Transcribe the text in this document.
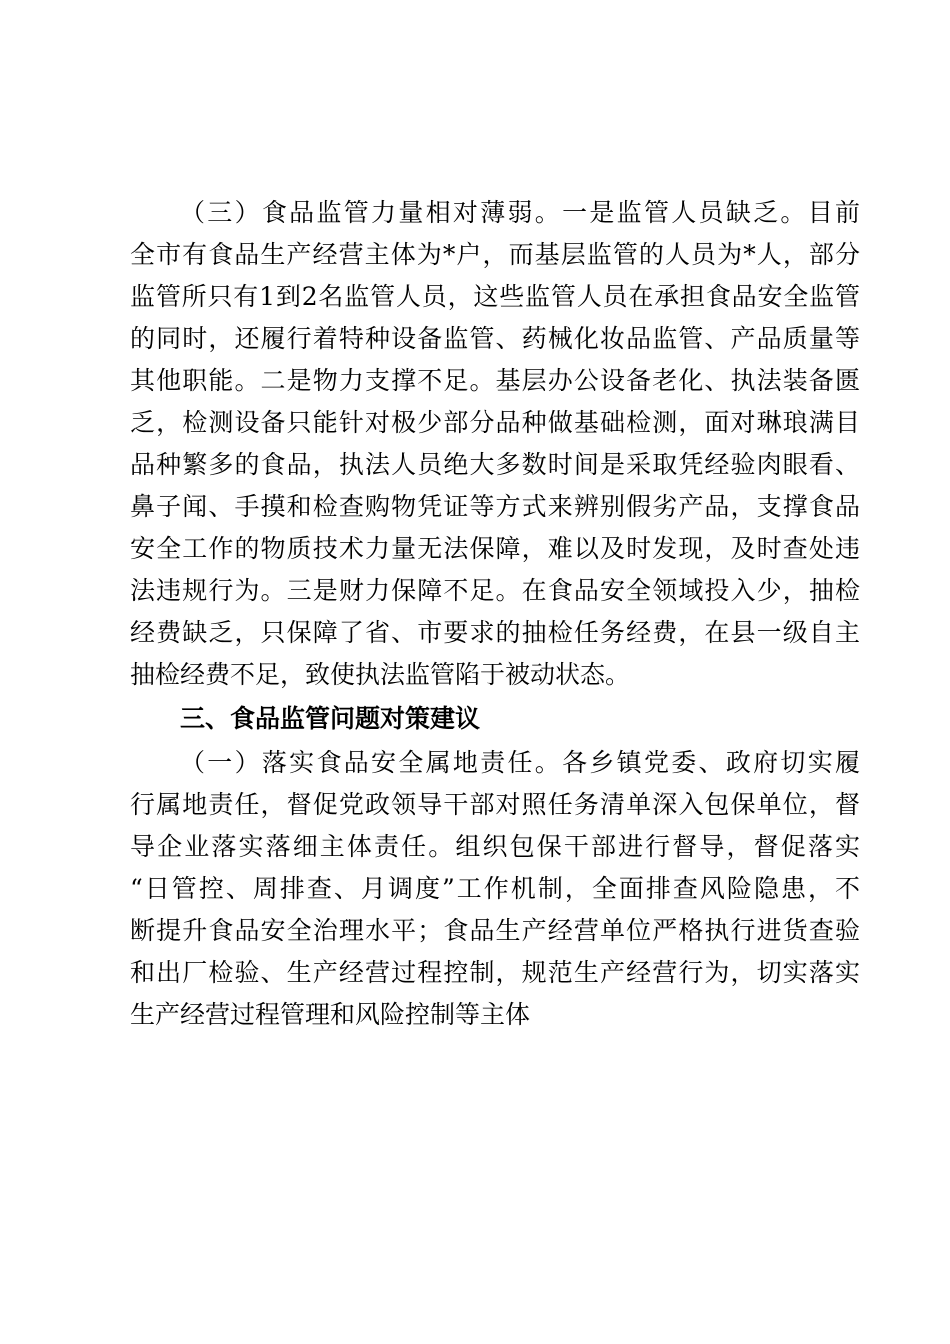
（三）食品监管力量相对薄弱。一是监管人员缺乏。目前
全市有食品生产经营主体为*户，而基层监管的人员为*人，部分
监管所只有1到2名监管人员，这些监管人员在承担食品安全监管
的同时，还履行着特种设备监管、药械化妆品监管、产品质量等
其他职能。二是物力支撑不足。基层办公设备老化、执法装备匮
乏，检测设备只能针对极少部分品种做基础检测，面对琳琅满目
品种繁多的食品，执法人员绝大多数时间是采取凭经验肉眼看、
鼻子闻、手摸和检查购物凭证等方式来辨别假劣产品，支撑食品
安全工作的物质技术力量无法保障，难以及时发现，及时查处违
法违规行为。三是财力保障不足。在食品安全领域投入少，抽检
经费缺乏，只保障了省、市要求的抽检任务经费，在县一级自主
抽检经费不足，致使执法监管陷于被动状态。
三、食品监管问题对策建议
（一）落实食品安全属地责任。各乡镇党委、政府切实履
行属地责任，督促党政领导干部对照任务清单深入包保单位，督
导企业落实落细主体责任。组织包保干部进行督导，督促落实
“日管控、周排查、月调度”工作机制，全面排查风险隐患，不
断提升食品安全治理水平；食品生产经营单位严格执行进货查验
和出厂检验、生产经营过程控制，规范生产经营行为，切实落实
生产经营过程管理和风险控制等主体
